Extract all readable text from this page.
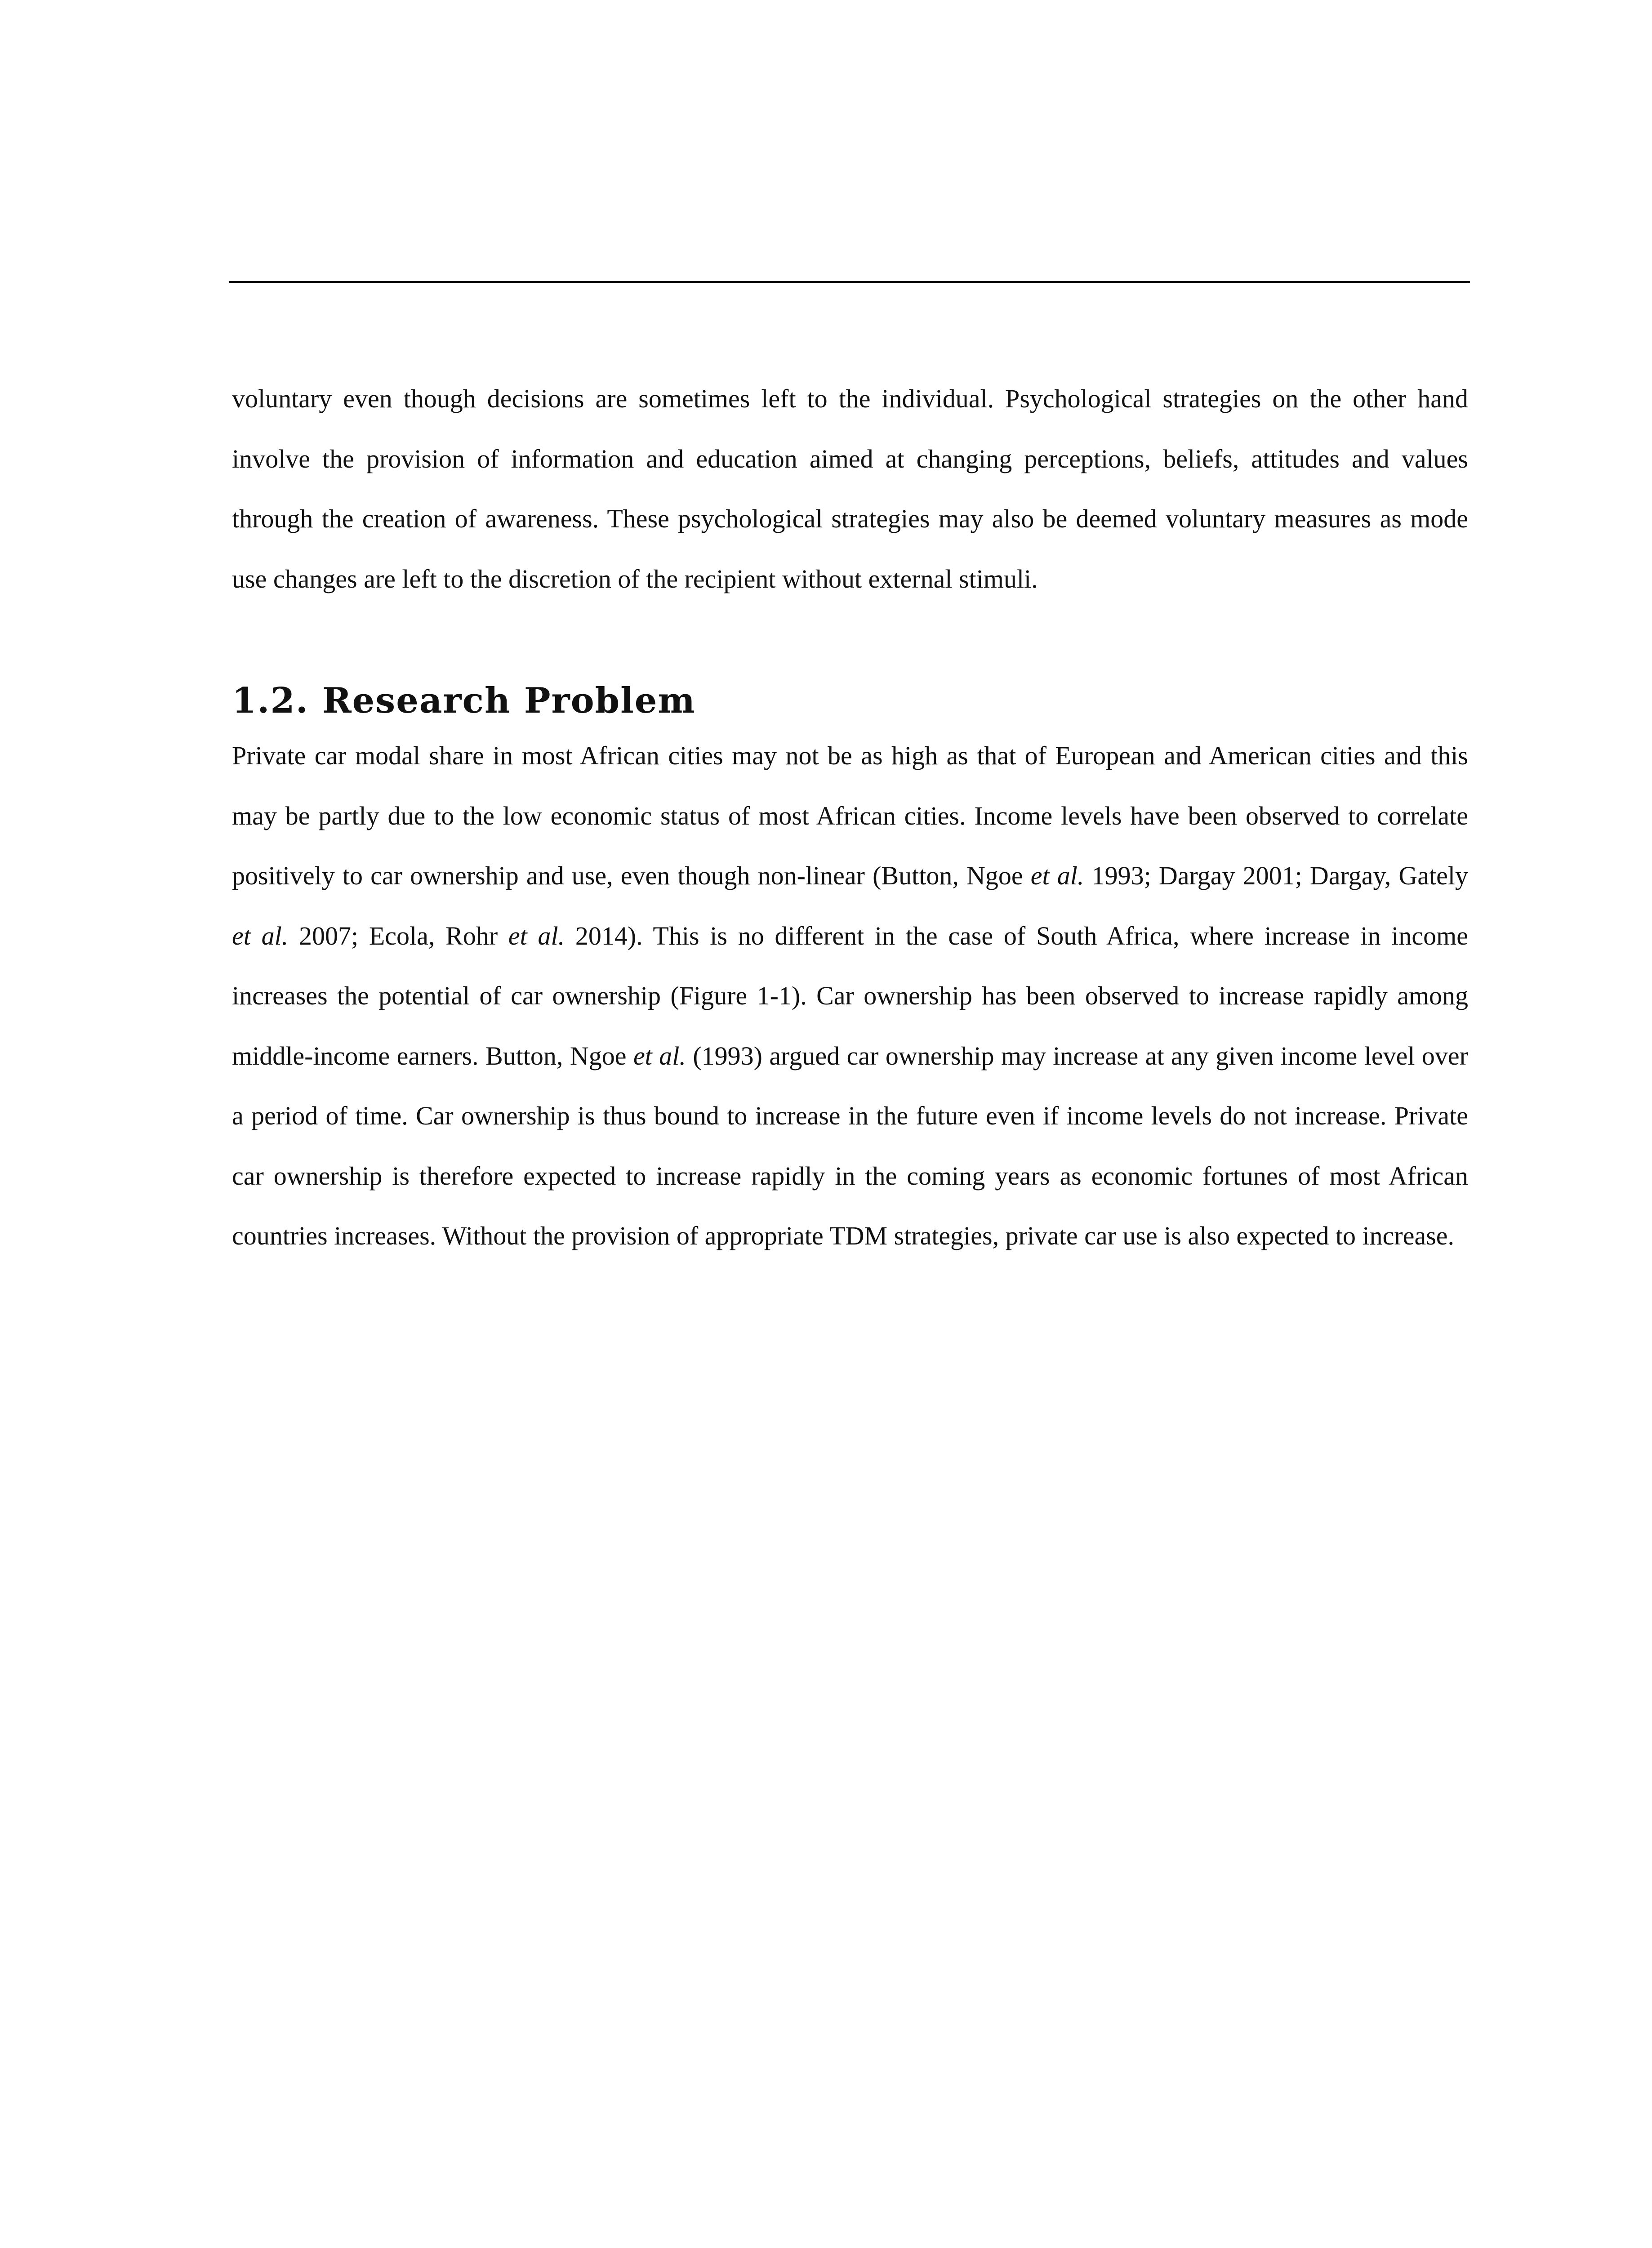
voluntary even though decisions are sometimes left to the individual. Psychological strategies on the other hand involve the provision of information and education aimed at changing perceptions, beliefs, attitudes and values through the creation of awareness. These psychological strategies may also be deemed voluntary measures as mode use changes are left to the discretion of the recipient without external stimuli.

1.2. Research Problem

Private car modal share in most African cities may not be as high as that of European and American cities and this may be partly due to the low economic status of most African cities. Income levels have been observed to correlate positively to car ownership and use, even though non-linear (Button, Ngoe et al. 1993; Dargay 2001; Dargay, Gately et al. 2007; Ecola, Rohr et al. 2014). This is no different in the case of South Africa, where increase in income increases the potential of car ownership (Figure 1-1). Car ownership has been observed to increase rapidly among middle-income earners. Button, Ngoe et al. (1993) argued car ownership may increase at any given income level over a period of time. Car ownership is thus bound to increase in the future even if income levels do not increase. Private car ownership is therefore expected to increase rapidly in the coming years as economic fortunes of most African countries increases. Without the provision of appropriate TDM strategies, private car use is also expected to increase.
